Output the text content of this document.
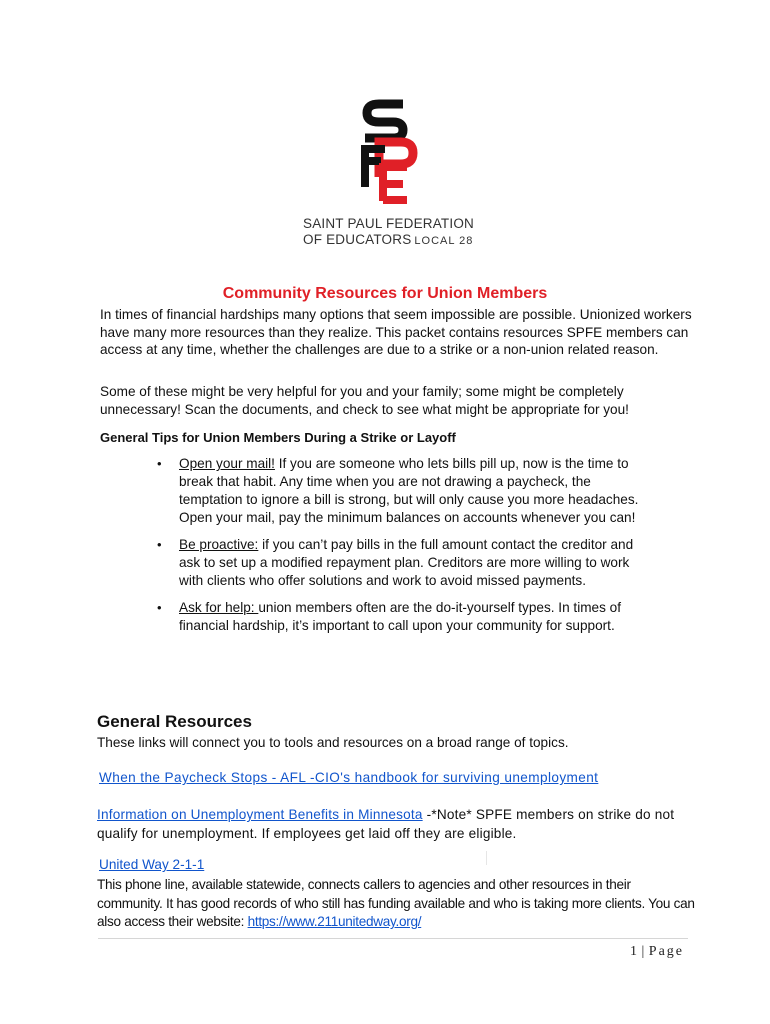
SAINT PAUL FEDERATION
OF EDUCATORS LOCAL 28
Community Resources for Union Members

In times of financial hardships many options that seem impossible are possible. Unionized workers have many more resources than they realize. This packet contains resources SPFE members can access at any time, whether the challenges are due to a strike or a non-union related reason.

Some of these might be very helpful for you and your family; some might be completely unnecessary! Scan the documents, and check to see what might be appropriate for you!

General Tips for Union Members During a Strike or Layoff
• Open your mail! If you are someone who lets bills pill up, now is the time to break that habit. Any time when you are not drawing a paycheck, the temptation to ignore a bill is strong, but will only cause you more headaches. Open your mail, pay the minimum balances on accounts whenever you can!
• Be proactive: if you can’t pay bills in the full amount contact the creditor and ask to set up a modified repayment plan. Creditors are more willing to work with clients who offer solutions and work to avoid missed payments.
• Ask for help: union members often are the do-it-yourself types. In times of financial hardship, it’s important to call upon your community for support.
General Resources

These links will connect you to tools and resources on a broad range of topics.

When the Paycheck Stops - AFL -CIO's handbook for surviving unemployment

Information on Unemployment Benefits in Minnesota -*Note* SPFE members on strike do not qualify for unemployment. If employees get laid off they are eligible.

United Way 2-1-1

This phone line, available statewide, connects callers to agencies and other resources in their community. It has good records of who still has funding available and who is taking more clients. You can also access their website: https://www.211unitedway.org/

1 | Page
